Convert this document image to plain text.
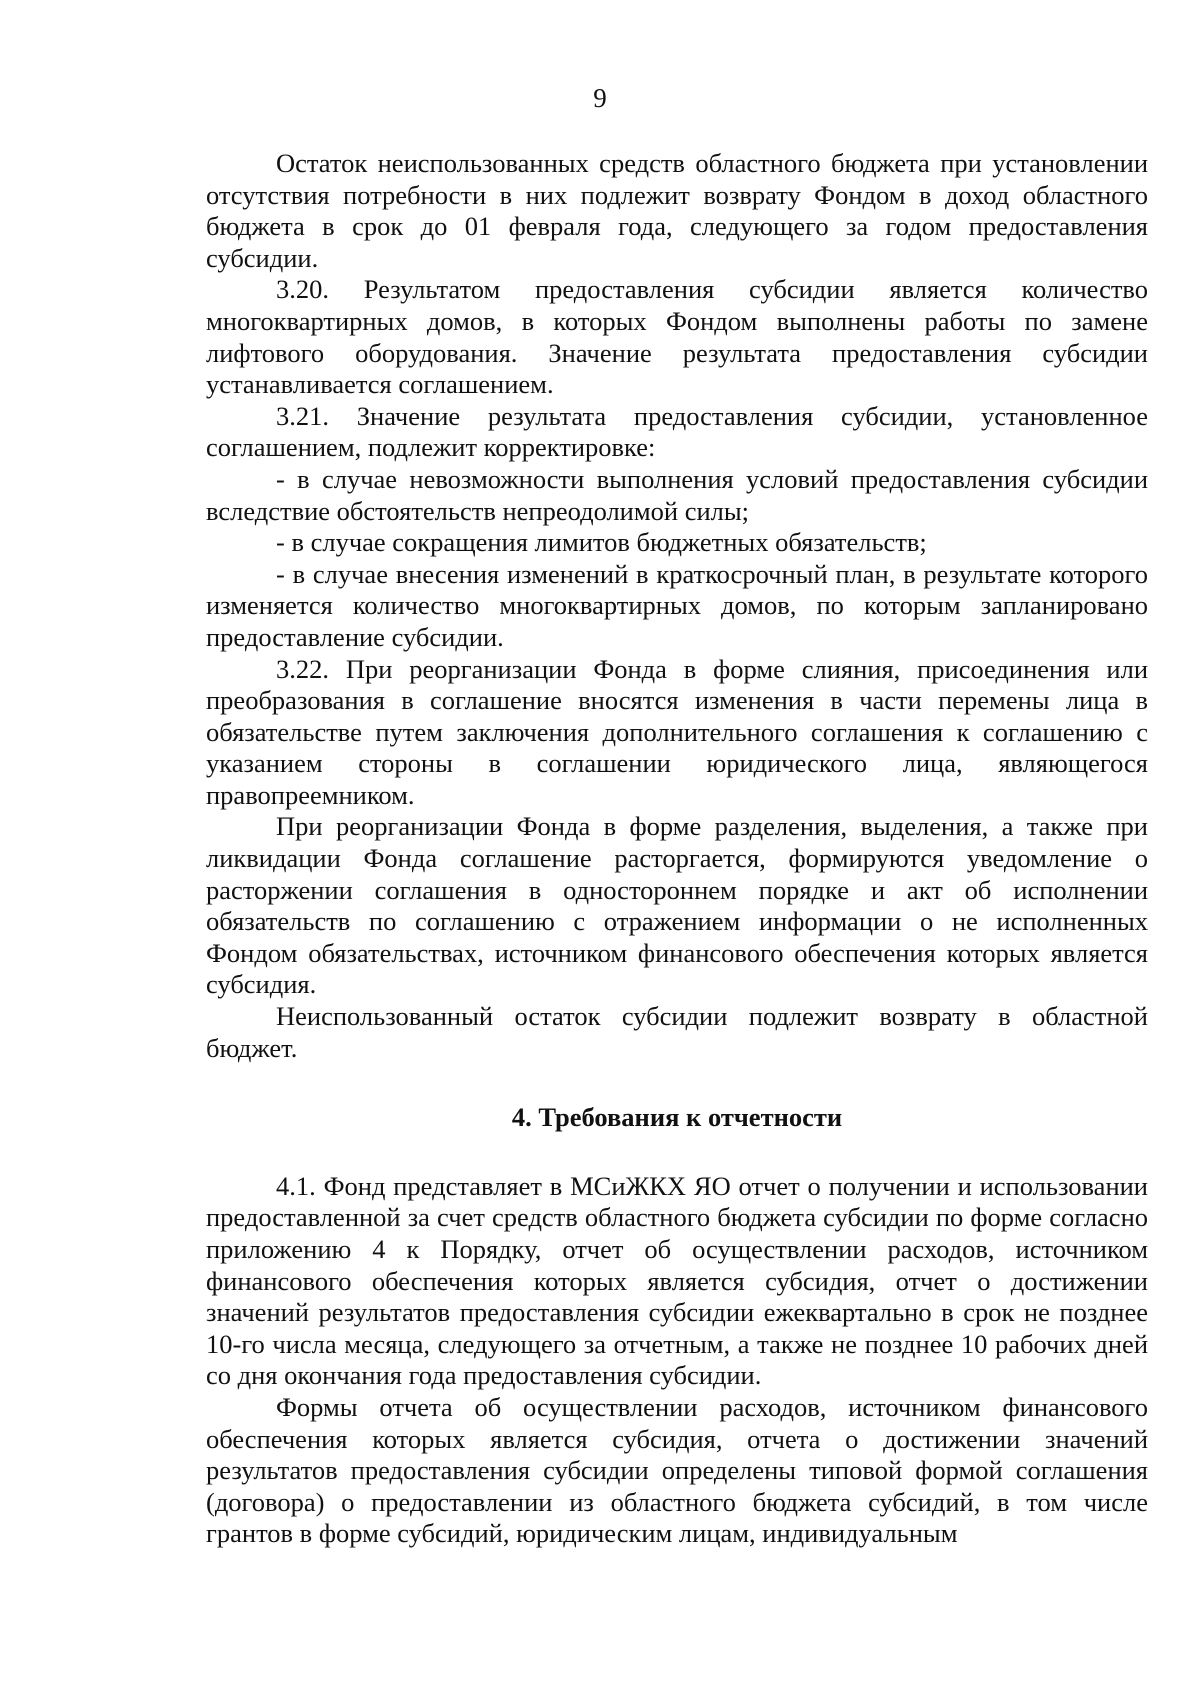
9

Остаток неиспользованных средств областного бюджета при установлении отсутствия потребности в них подлежит возврату Фондом в доход областного бюджета в срок до 01 февраля года, следующего за годом предоставления субсидии.

3.20. Результатом предоставления субсидии является количество многоквартирных домов, в которых Фондом выполнены работы по замене лифтового оборудования. Значение результата предоставления субсидии устанавливается соглашением.

3.21. Значение результата предоставления субсидии, установленное соглашением, подлежит корректировке:

- в случае невозможности выполнения условий предоставления субсидии вследствие обстоятельств непреодолимой силы;

- в случае сокращения лимитов бюджетных обязательств;

- в случае внесения изменений в краткосрочный план, в результате которого изменяется количество многоквартирных домов, по которым запланировано предоставление субсидии.

3.22. При реорганизации Фонда в форме слияния, присоединения или преобразования в соглашение вносятся изменения в части перемены лица в обязательстве путем заключения дополнительного соглашения к соглашению с указанием стороны в соглашении юридического лица, являющегося правопреемником.

При реорганизации Фонда в форме разделения, выделения, а также при ликвидации Фонда соглашение расторгается, формируются уведомление о расторжении соглашения в одностороннем порядке и акт об исполнении обязательств по соглашению с отражением информации о не исполненных Фондом обязательствах, источником финансового обеспечения которых является субсидия.

Неиспользованный остаток субсидии подлежит возврату в областной бюджет.

4. Требования к отчетности

4.1. Фонд представляет в МСиЖКХ ЯО отчет о получении и использовании предоставленной за счет средств областного бюджета субсидии по форме согласно приложению 4 к Порядку, отчет об осуществлении расходов, источником финансового обеспечения которых является субсидия, отчет о достижении значений результатов предоставления субсидии ежеквартально в срок не позднее 10-го числа месяца, следующего за отчетным, а также не позднее 10 рабочих дней со дня окончания года предоставления субсидии.

Формы отчета об осуществлении расходов, источником финансового обеспечения которых является субсидия, отчета о достижении значений результатов предоставления субсидии определены типовой формой соглашения (договора) о предоставлении из областного бюджета субсидий, в том числе грантов в форме субсидий, юридическим лицам, индивидуальным
